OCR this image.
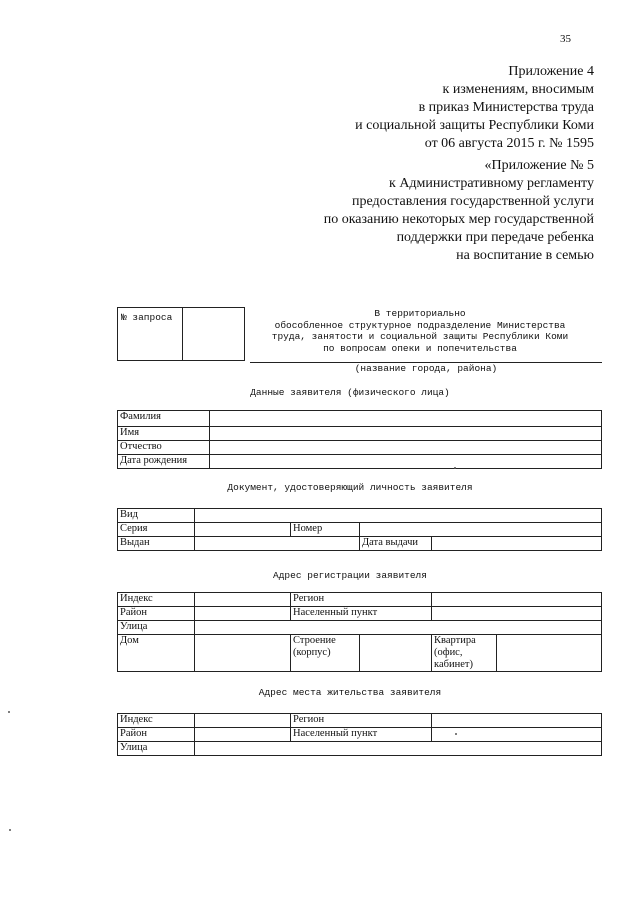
35
Приложение 4
к изменениям, вносимым
в приказ Министерства труда
и социальной защиты Республики Коми
от 06 августа 2015 г. № 1595
«Приложение № 5
к Административному регламенту
предоставления государственной услуги
по оказанию некоторых мер государственной
поддержки при передаче ребенка
на воспитание в семью
№ запроса	В территориально
обособленное структурное подразделение Министерства
труда, занятости и социальной защиты Республики Коми
по вопросам опеки и попечительства
(название города, района)
Данные заявителя (физического лица)
Фамилия	
Имя	
Отчество	
Дата рождения	
Документ, удостоверяющий личность заявителя
Вид			
Серия		Номер	
Выдан			Дата выдачи
Адрес регистрации заявителя
Индекс		Регион			
Район		Населенный пункт			
Улица					
Дом		Строение (корпус)		Квартира (офис, кабинет)	
Адрес места жительства заявителя
Индекс		Регион	
Район		Населенный пункт	
Улица			
